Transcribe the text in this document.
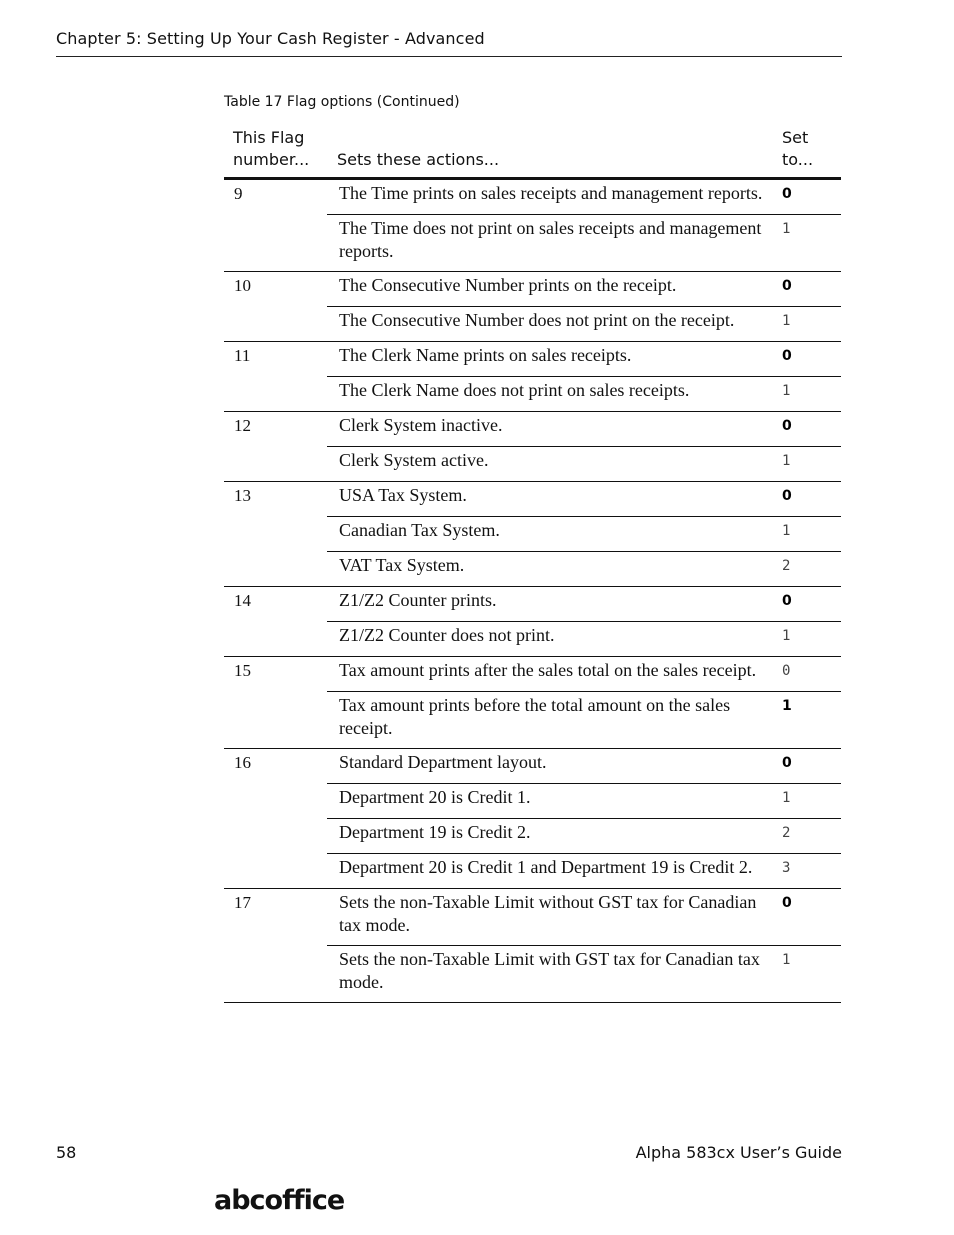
Chapter 5: Setting Up Your Cash Register - Advanced
Table 17 Flag options (Continued)
This Flag
number...	Sets these actions...	Set
to...
9	The Time prints on sales receipts and management reports.	0
	The Time does not print on sales receipts and management reports.	1
10	The Consecutive Number prints on the receipt.	0
	The Consecutive Number does not print on the receipt.	1
11	The Clerk Name prints on sales receipts.	0
	The Clerk Name does not print on sales receipts.	1
12	Clerk System inactive.	0
	Clerk System active.	1
13	USA Tax System.	0
	Canadian Tax System.	1
	VAT Tax System.	2
14	Z1/Z2 Counter prints.	0
	Z1/Z2 Counter does not print.	1
15	Tax amount prints after the sales total on the sales receipt.	0
	Tax amount prints before the total amount on the sales receipt.	1
16	Standard Department layout.	0
	Department 20 is Credit 1.	1
	Department 19 is Credit 2.	2
	Department 20 is Credit 1 and Department 19 is Credit 2.	3
17	Sets the non-Taxable Limit without GST tax for Canadian tax mode.	0
	Sets the non-Taxable Limit with GST tax for Canadian tax mode.	1
58	Alpha 583cx User’s Guide
abcoffice
